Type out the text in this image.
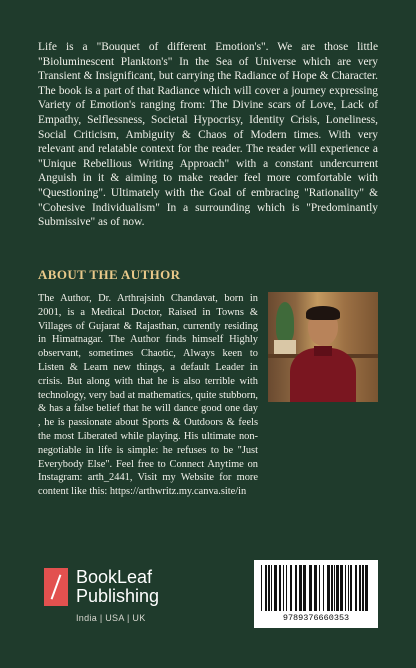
Life is a "Bouquet of different Emotion's". We are those little "Bioluminescent Plankton's" In the Sea of Universe which are very Transient & Insignificant, but carrying the Radiance of Hope & Character. The book is a part of that Radiance which will cover a journey expressing Variety of Emotion's ranging from: The Divine scars of Love, Lack of Empathy, Selflessness, Societal Hypocrisy, Identity Crisis, Loneliness, Social Criticism, Ambiguity & Chaos of Modern times. With very relevant and relatable context for the reader. The reader will experience a "Unique Rebellious Writing Approach" with a constant undercurrent Anguish in it & aiming to make reader feel more comfortable with "Questioning". Ultimately with the Goal of embracing "Rationality" & "Cohesive Individualism" In a surrounding which is "Predominantly Submissive" as of now.

ABOUT THE AUTHOR

The Author, Dr. Arthrajsinh Chandavat, born in 2001, is a Medical Doctor, Raised in Towns & Villages of Gujarat & Rajasthan, currently residing in Himatnagar. The Author finds himself Highly observant, sometimes Chaotic, Always keen to Listen & Learn new things, a default Leader in crisis. But along with that he is also terrible with technology, very bad at mathematics, quite stubborn, & has a false belief that he will dance good one day , he is passionate about Sports & Outdoors & feels the most Liberated while playing. His ultimate non-negotiable in life is simple: he refuses to be "Just Everybody Else". Feel free to Connect Anytime on Instagram: arth_2441, Visit my Website for more content like this: https://arthwritz.my.canva.site/in

BookLeaf
Publishing
India | USA | UK	9789376660353
